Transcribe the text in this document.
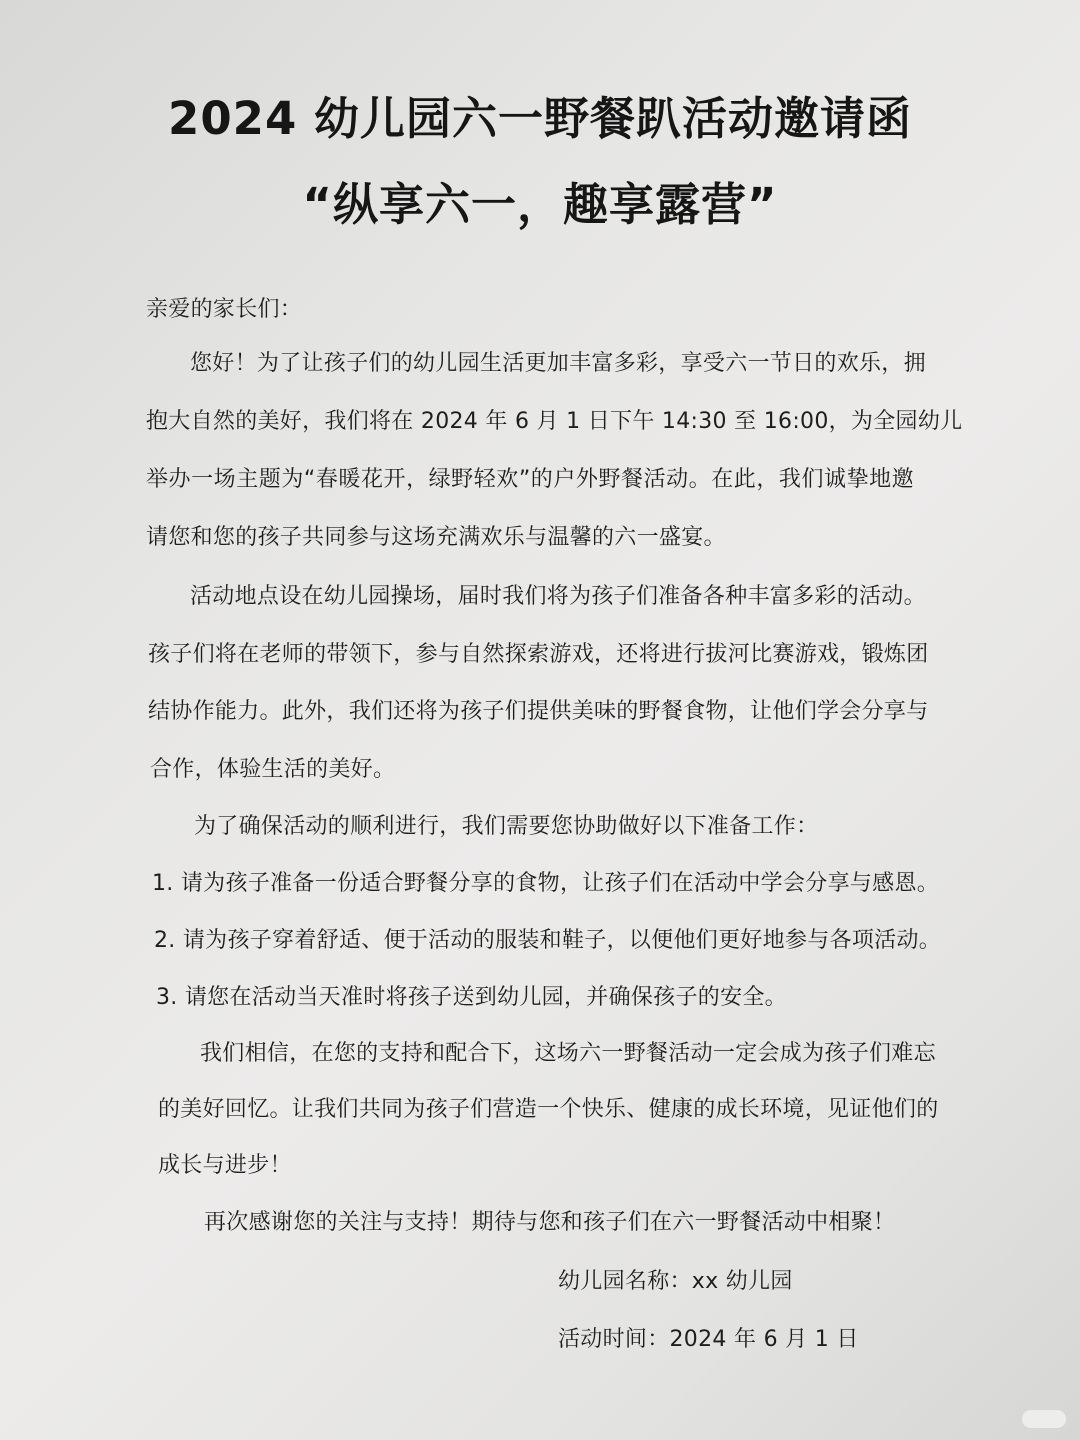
2024 幼儿园六一野餐趴活动邀请函
“纵享六一，趣享露营”
亲爱的家长们：
您好！为了让孩子们的幼儿园生活更加丰富多彩，享受六一节日的欢乐，拥
抱大自然的美好，我们将在 2024 年 6 月 1 日下午 14:30 至 16:00，为全园幼儿
举办一场主题为“春暖花开，绿野轻欢”的户外野餐活动。在此，我们诚挚地邀
请您和您的孩子共同参与这场充满欢乐与温馨的六一盛宴。
活动地点设在幼儿园操场，届时我们将为孩子们准备各种丰富多彩的活动。
孩子们将在老师的带领下，参与自然探索游戏，还将进行拔河比赛游戏，锻炼团
结协作能力。此外，我们还将为孩子们提供美味的野餐食物，让他们学会分享与
合作，体验生活的美好。
为了确保活动的顺利进行，我们需要您协助做好以下准备工作：
1. 请为孩子准备一份适合野餐分享的食物，让孩子们在活动中学会分享与感恩。
2. 请为孩子穿着舒适、便于活动的服装和鞋子，以便他们更好地参与各项活动。
3. 请您在活动当天准时将孩子送到幼儿园，并确保孩子的安全。
我们相信，在您的支持和配合下，这场六一野餐活动一定会成为孩子们难忘
的美好回忆。让我们共同为孩子们营造一个快乐、健康的成长环境，见证他们的
成长与进步！
再次感谢您的关注与支持！期待与您和孩子们在六一野餐活动中相聚！
幼儿园名称：xx 幼儿园
活动时间：2024 年 6 月 1 日
